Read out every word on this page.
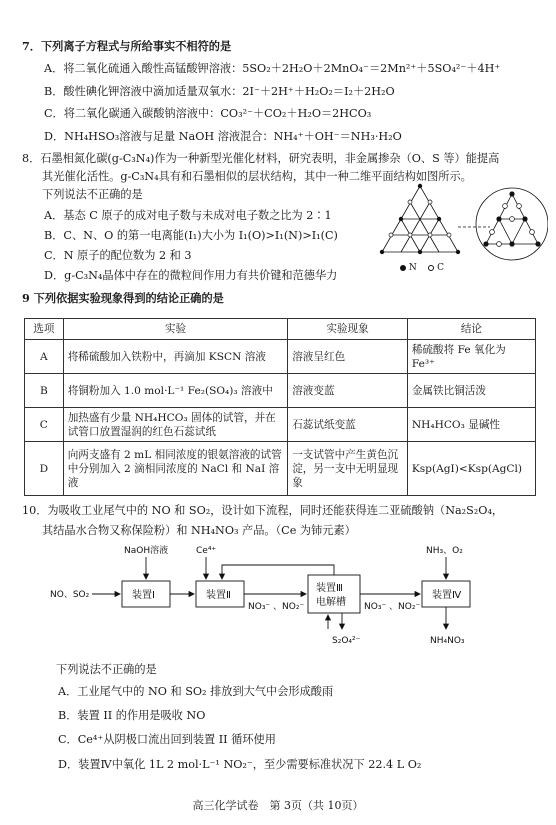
7．下列离子方程式与所给事实不相符的是
A．将二氧化硫通入酸性高锰酸钾溶液：5SO₂＋2H₂O＋2MnO₄⁻＝2Mn²⁺＋5SO₄²⁻＋4H⁺
B．酸性碘化钾溶液中滴加适量双氧水：2I⁻＋2H⁺＋H₂O₂＝I₂＋2H₂O
C．将二氧化碳通入碳酸钠溶液中：CO₃²⁻＋CO₂＋H₂O＝2HCO₃
D．NH₄HSO₃溶液与足量 NaOH 溶液混合：NH₄⁺＋OH⁻＝NH₃·H₂O
8．石墨相氮化碳(g-C₃N₄)作为一种新型光催化材料，研究表明，非金属掺杂（O、S 等）能提高
其光催化活性。g-C₃N₄具有和石墨相似的层状结构，其中一种二维平面结构如图所示。
下列说法不正确的是
A．基态 C 原子的成对电子数与未成对电子数之比为 2∶1
B．C、N、O 的第一电离能(I₁)大小为 I₁(O)>I₁(N)>I₁(C)
C．N 原子的配位数为 2 和 3
D．g-C₃N₄晶体中存在的微粒间作用力有共价键和范德华力
N C
9 下列依据实验现象得到的结论正确的是
选项	实验	实验现象	结论
A	将稀硫酸加入铁粉中，再滴加 KSCN 溶液	溶液呈红色	稀硫酸将 Fe 氧化为 Fe³⁺
B	将铜粉加入 1.0 mol·L⁻¹ Fe₂(SO₄)₃ 溶液中	溶液变蓝	金属铁比铜活泼
C	加热盛有少量 NH₄HCO₃ 固体的试管，并在试管口放置湿润的红色石蕊试纸	石蕊试纸变蓝	NH₄HCO₃ 显碱性
D	向两支盛有 2 mL 相同浓度的银氨溶液的试管中分别加入 2 滴相同浓度的 NaCl 和 NaI 溶液	一支试管中产生黄色沉淀，另一支中无明显现象	Ksp(AgI)<Ksp(AgCl)
10．为吸收工业尾气中的 NO 和 SO₂，设计如下流程，同时还能获得连二亚硫酸钠（Na₂S₂O₄，
其结晶水合物又称保险粉）和 NH₄NO₃ 产品。（Ce 为铈元素）
NaOH溶液	Ce⁴⁺	NH₃、O₂
NO、SO₂	装置Ⅰ	装置Ⅱ
装置Ⅲ
电解槽
装置Ⅳ
NO₃⁻ 、NO₂⁻	NO₃⁻ 、NO₂⁻
S₂O₄²⁻	NH₄NO₃
下列说法不正确的是
A．工业尾气中的 NO 和 SO₂ 排放到大气中会形成酸雨
B．装置 II 的作用是吸收 NO
C．Ce⁴⁺从阴极口流出回到装置 II 循环使用
D．装置Ⅳ中氧化 1L 2 mol·L⁻¹ NO₂⁻，至少需要标准状况下 22.4 L O₂
高三化学试卷　第 3页（共 10页）
